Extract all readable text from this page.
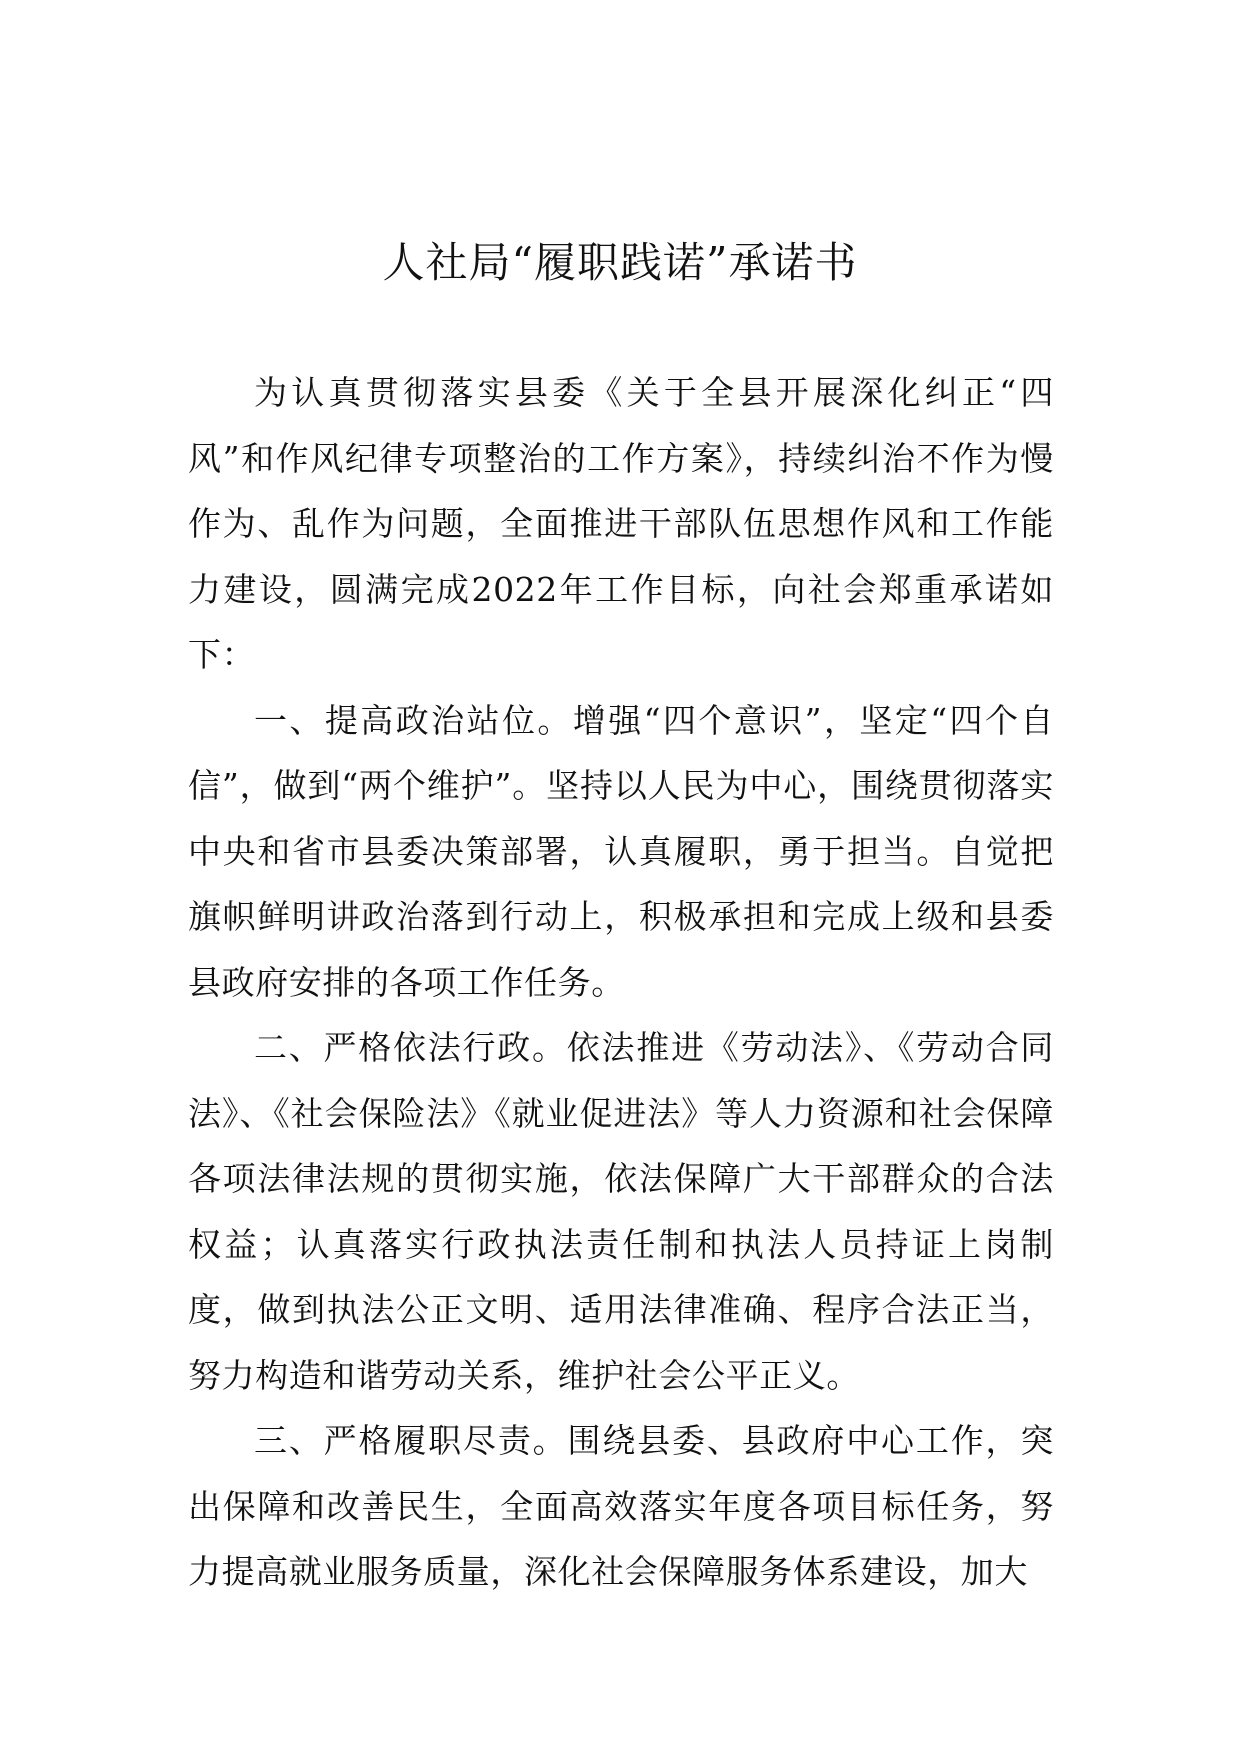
人社局“履职践诺”承诺书

为认真贯彻落实县委《关于全县开展深化纠正“四风”和作风纪律专项整治的工作方案》，持续纠治不作为慢作为、乱作为问题，全面推进干部队伍思想作风和工作能力建设，圆满完成2022年工作目标，向社会郑重承诺如下：

一、提高政治站位。增强“四个意识”，坚定“四个自信”，做到“两个维护”。坚持以人民为中心，围绕贯彻落实中央和省市县委决策部署，认真履职，勇于担当。自觉把旗帜鲜明讲政治落到行动上，积极承担和完成上级和县委县政府安排的各项工作任务。

二、严格依法行政。依法推进《劳动法》、《劳动合同法》、《社会保险法》《就业促进法》等人力资源和社会保障各项法律法规的贯彻实施，依法保障广大干部群众的合法权益；认真落实行政执法责任制和执法人员持证上岗制度，做到执法公正文明、适用法律准确、程序合法正当，努力构造和谐劳动关系，维护社会公平正义。

三、严格履职尽责。围绕县委、县政府中心工作，突出保障和改善民生，全面高效落实年度各项目标任务，努力提高就业服务质量，深化社会保障服务体系建设，加大
